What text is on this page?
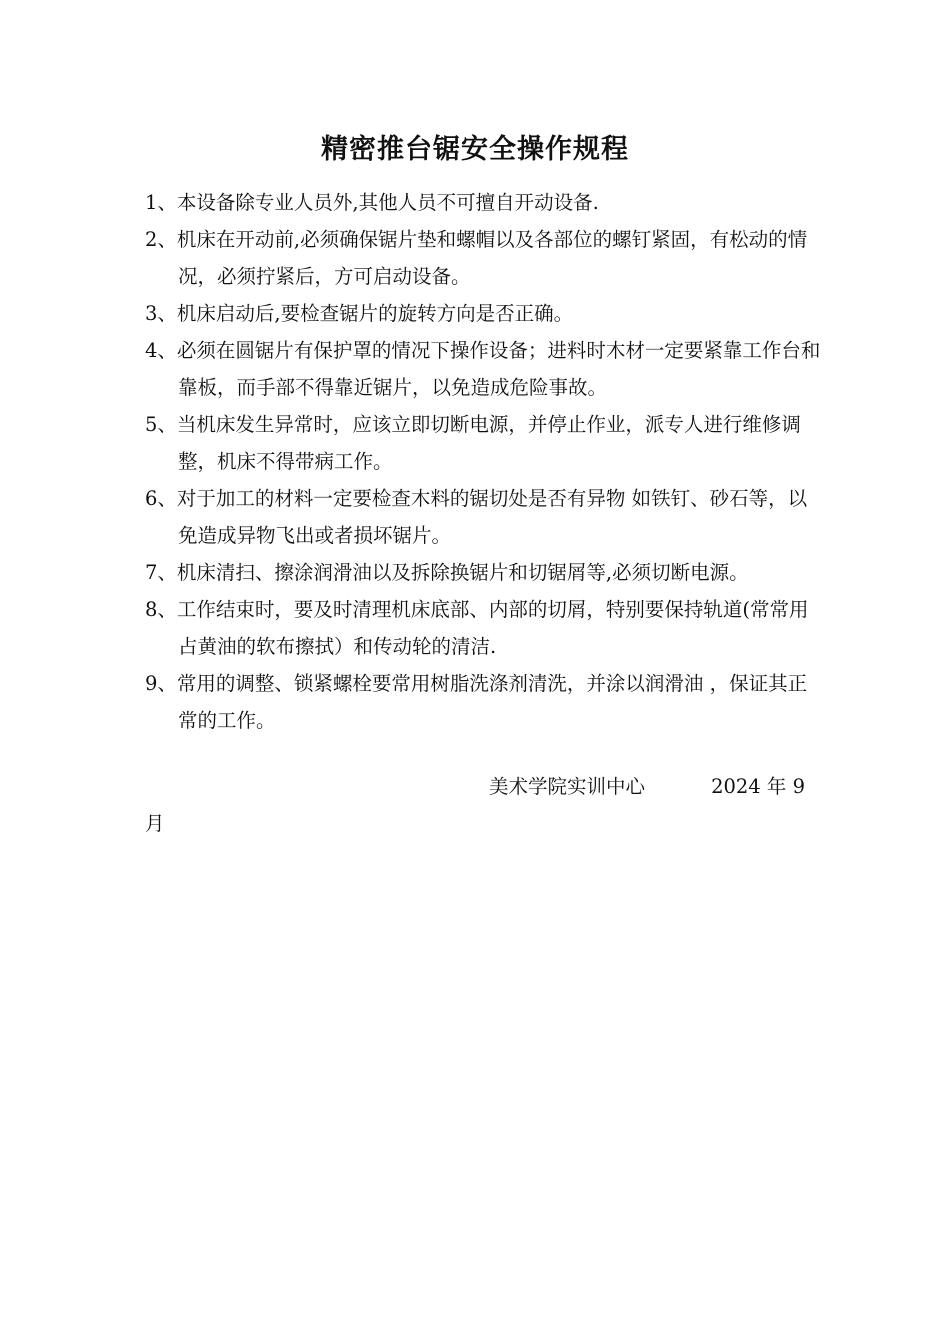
精密推台锯安全操作规程
1、本设备除专业人员外,其他人员不可擅自开动设备.
2、机床在开动前,必须确保锯片垫和螺帽以及各部位的螺钉紧固，有松动的情况，必须拧紧后，方可启动设备。
3、机床启动后,要检查锯片的旋转方向是否正确。
4、必须在圆锯片有保护罩的情况下操作设备；进料时木材一定要紧靠工作台和靠板，而手部不得靠近锯片，以免造成危险事故。
5、当机床发生异常时，应该立即切断电源，并停止作业，派专人进行维修调整，机床不得带病工作。
6、对于加工的材料一定要检查木料的锯切处是否有异物 如铁钉、砂石等，以免造成异物飞出或者损坏锯片。
7、机床清扫、擦涂润滑油以及拆除换锯片和切锯屑等,必须切断电源。
8、工作结束时，要及时清理机床底部、内部的切屑，特别要保持轨道(常常用占黄油的软布擦拭）和传动轮的清洁.
9、常用的调整、锁紧螺栓要常用树脂洗涤剂清洗，并涂以润滑油 ，保证其正常的工作。
美术学院实训中心	2024 年 9
月
